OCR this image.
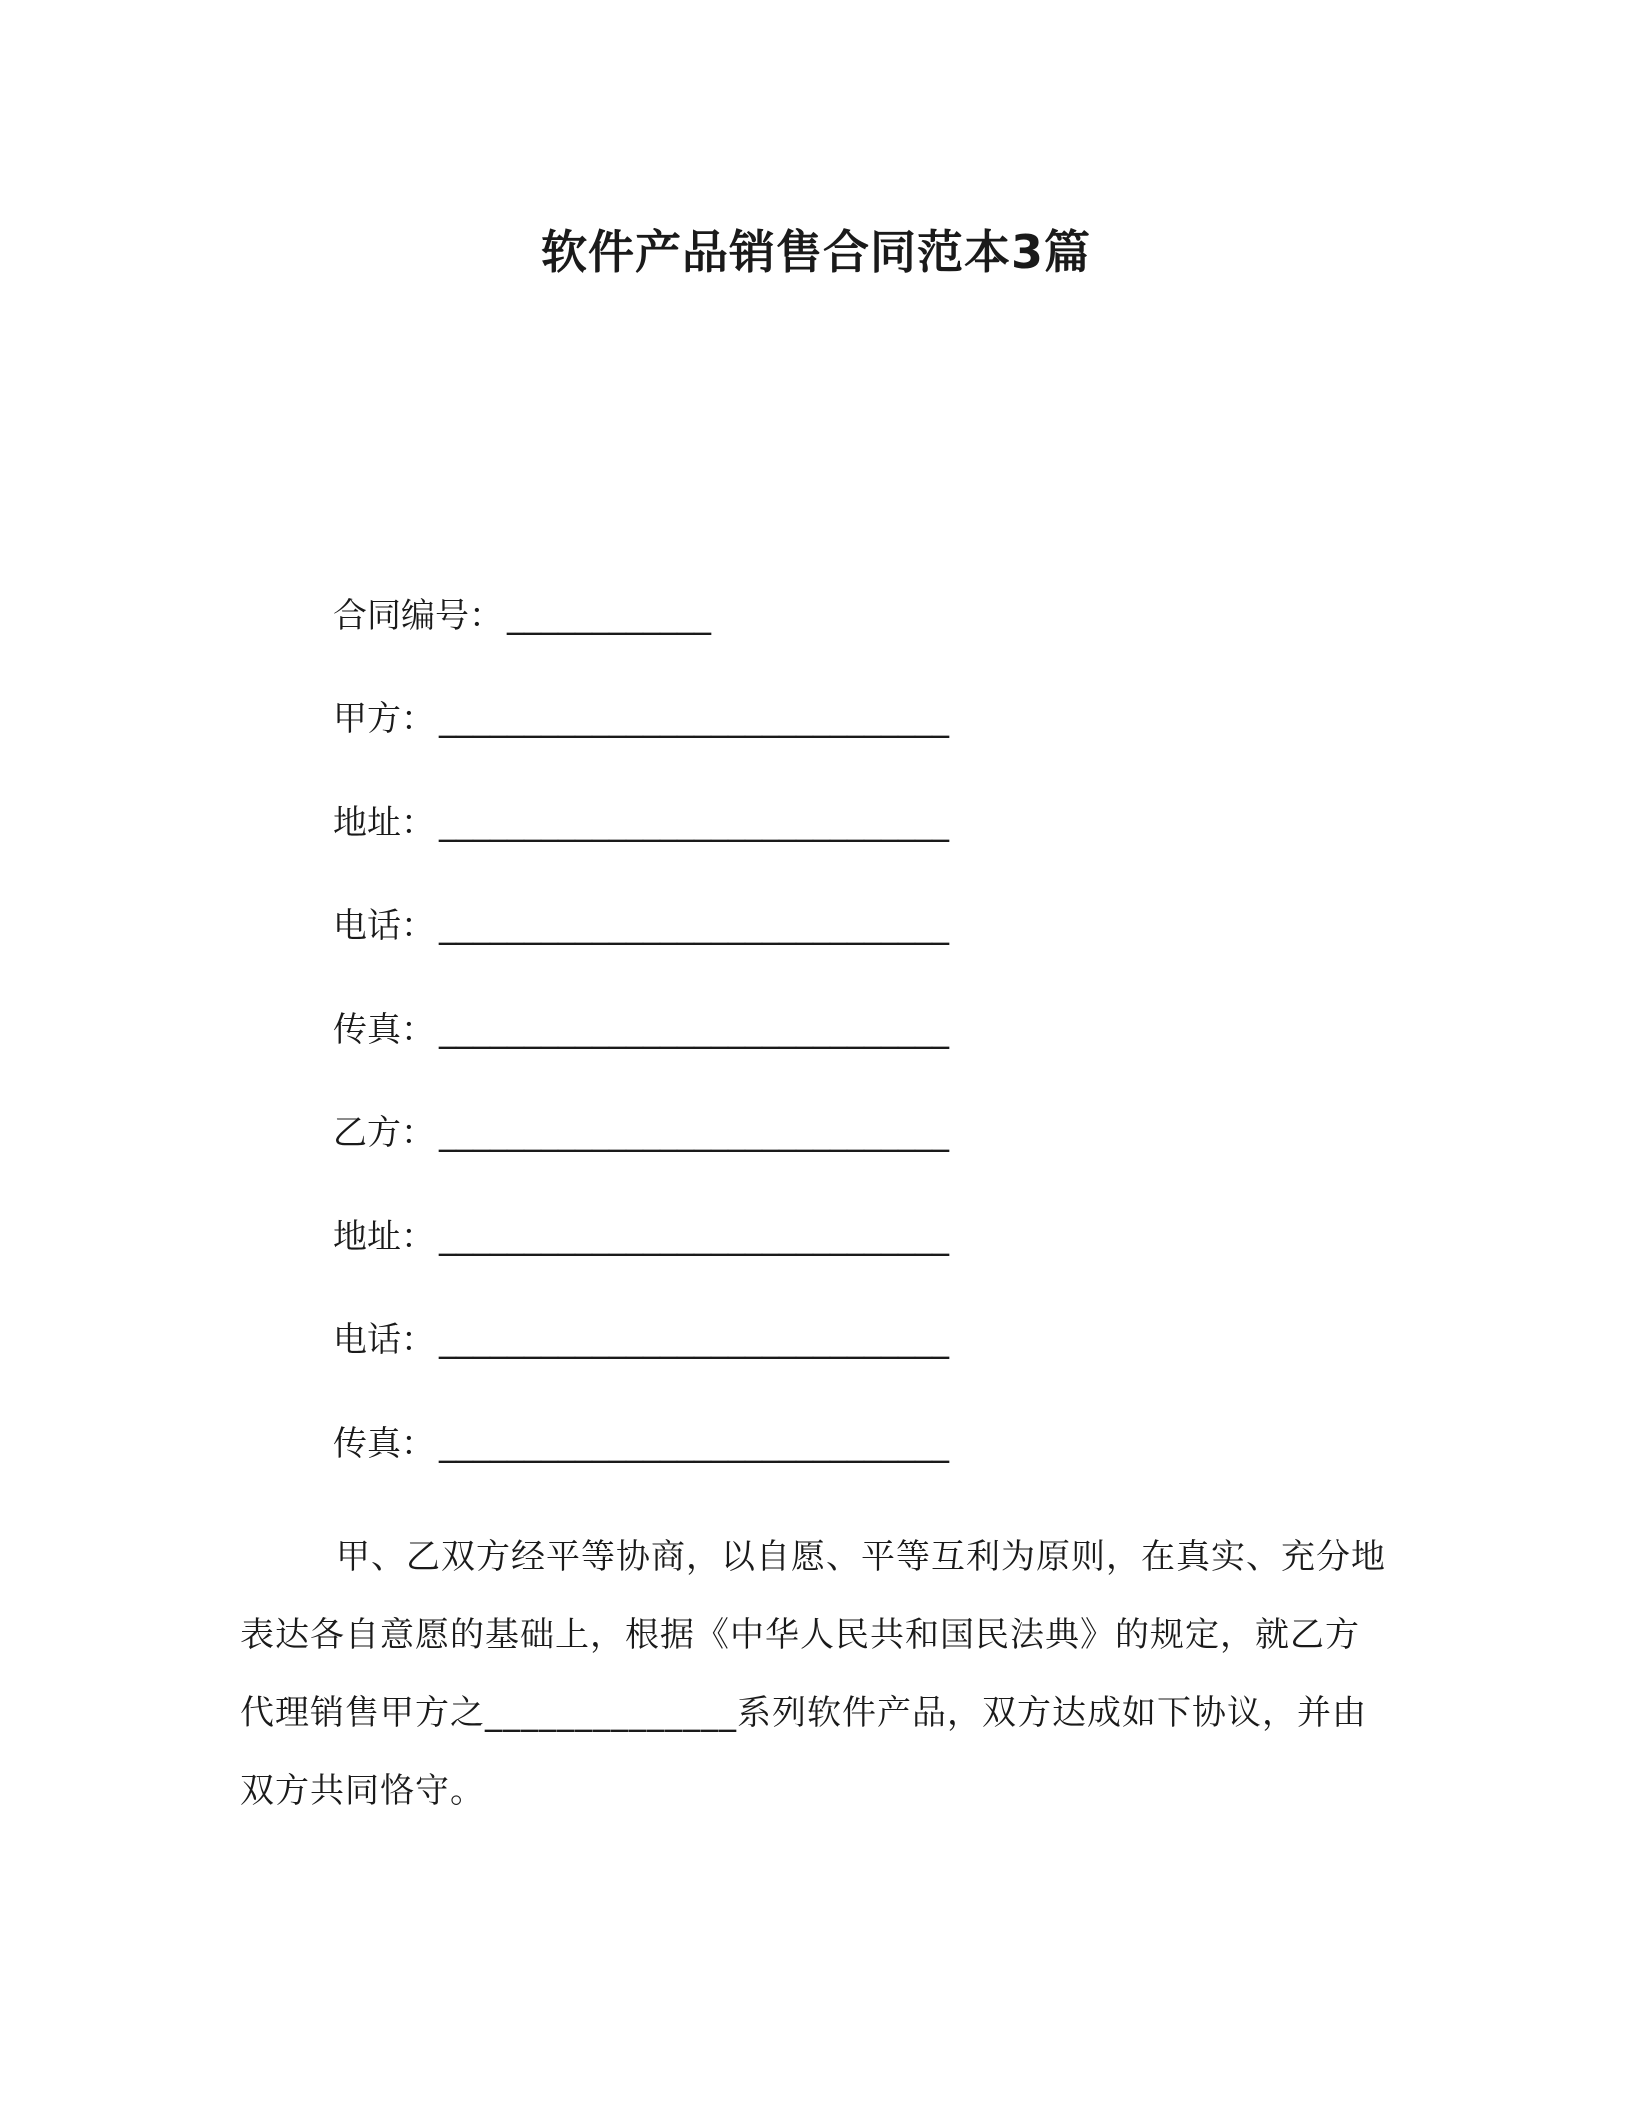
软件产品销售合同范本3篇
合同编号： ____________
甲方： ______________________________
地址： ______________________________
电话： ______________________________
传真： ______________________________
乙方： ______________________________
地址： ______________________________
电话： ______________________________
传真： ______________________________

甲、乙双方经平等协商，以自愿、平等互利为原则，在真实、充分地表达各自意愿的基础上，根据《中华人民共和国民法典》的规定，就乙方代理销售甲方之______________系列软件产品，双方达成如下协议，并由双方共同恪守。
